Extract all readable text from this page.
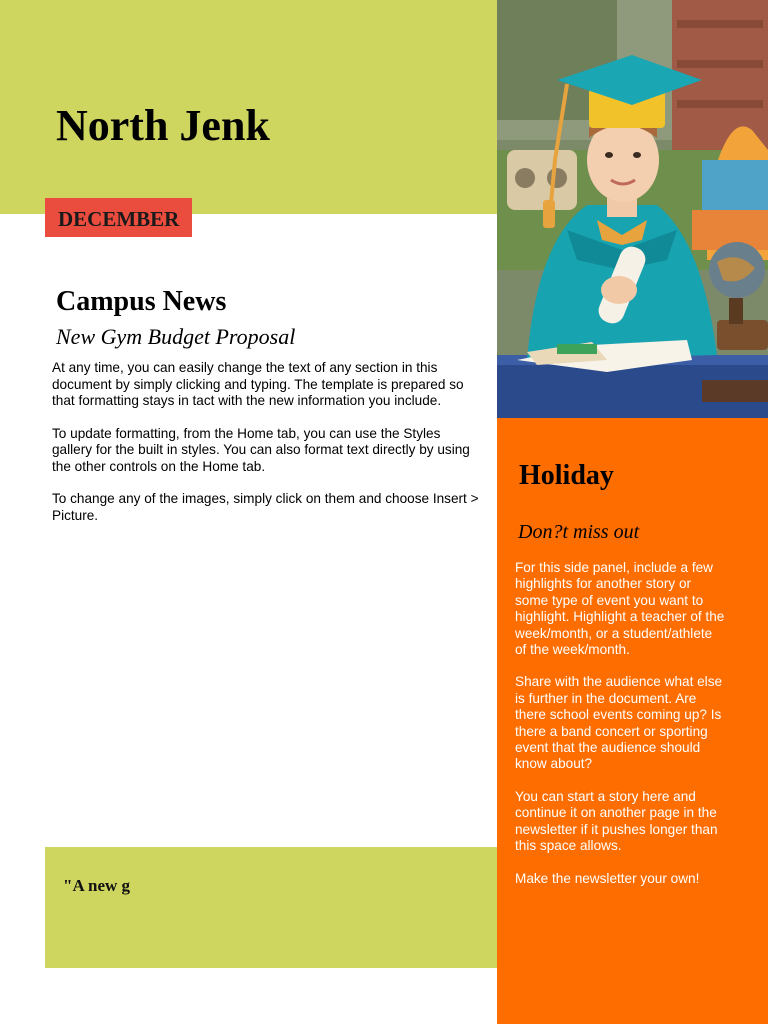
North Jenk
DECEMBER
Campus News
New Gym Budget Proposal

At any time, you can easily change the text of any section in this document by simply clicking and typing. The template is prepared so that formatting stays in tact with the new information you include.

To update formatting, from the Home tab, you can use the Styles gallery for the built in styles. You can also format text directly by using the other controls on the Home tab.

To change any of the images, simply click on them and choose Insert > Picture.

"A new g
Holiday
Don?t miss out

For this side panel, include a few highlights for another story or some type of event you want to highlight. Highlight a teacher of the week/month, or a student/athlete of the week/month.

Share with the audience what else is further in the document. Are there school events coming up? Is there a band concert or sporting event that the audience should know about?

You can start a story here and continue it on another page in the newsletter if it pushes longer than this space allows.

Make the newsletter your own!
